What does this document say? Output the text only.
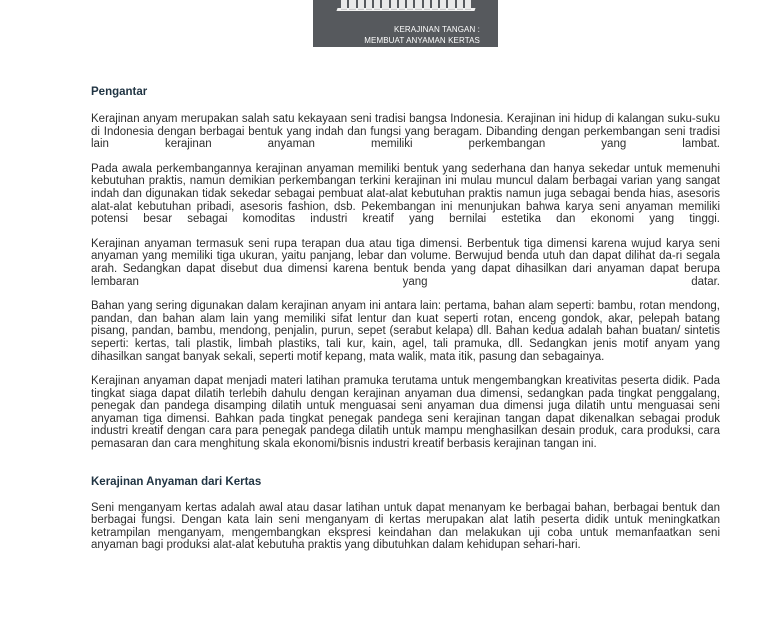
KERAJINAN TANGAN :
MEMBUAT ANYAMAN KERTAS
Pengantar

Kerajinan anyam merupakan salah satu kekayaan seni tradisi bangsa Indonesia. Kerajinan ini hidup di kalangan suku-suku di Indonesia dengan berbagai bentuk yang indah dan fungsi yang beragam. Dibanding dengan perkembangan seni tradisi lain kerajinan anyaman memiliki perkembangan yang lambat.

Pada awala perkembangannya kerajinan anyaman memiliki bentuk yang sederhana dan hanya sekedar untuk memenuhi kebutuhan praktis, namun demikian perkembangan terkini kerajinan ini mulau muncul dalam berbagai varian yang sangat indah dan digunakan tidak sekedar sebagai pembuat alat-alat kebutuhan praktis namun juga sebagai benda hias, asesoris alat-alat kebutuhan pribadi, asesoris fashion, dsb. Pekembangan ini menunjukan bahwa karya seni anyaman memiliki potensi besar sebagai komoditas industri kreatif yang bernilai estetika dan ekonomi yang tinggi.

Kerajinan anyaman termasuk seni rupa terapan dua atau tiga dimensi. Berbentuk tiga dimensi karena wujud karya seni anyaman yang memiliki tiga ukuran, yaitu panjang, lebar dan volume. Berwujud benda utuh dan dapat dilihat da-ri segala arah. Sedangkan dapat disebut dua dimensi karena bentuk benda yang dapat dihasilkan dari anyaman dapat berupa lembaran yang datar.

Bahan yang sering digunakan dalam kerajinan anyam ini antara lain: pertama, bahan alam seperti: bambu, rotan mendong, pandan, dan bahan alam lain yang memiliki sifat lentur dan kuat seperti rotan, enceng gondok, akar, pelepah batang pisang, pandan, bambu, mendong, penjalin, purun, sepet (serabut kelapa) dll. Bahan kedua adalah bahan buatan/ sintetis seperti: kertas, tali plastik, limbah plastiks, tali kur, kain, agel, tali pramuka, dll. Sedangkan jenis motif anyam yang dihasilkan sangat banyak sekali, seperti motif kepang, mata walik, mata itik, pasung dan sebagainya.

Kerajinan anyaman dapat menjadi materi latihan pramuka terutama untuk mengembangkan kreativitas peserta didik. Pada tingkat siaga dapat dilatih terlebih dahulu dengan kerajinan anyaman dua dimensi, sedangkan pada tingkat penggalang, penegak dan pandega disamping dilatih untuk menguasai seni anyaman dua dimensi juga dilatih untu menguasai seni anyaman tiga dimensi. Bahkan pada tingkat penegak pandega seni kerajinan tangan dapat dikenalkan sebagai produk industri kreatif dengan cara para penegak pandega dilatih untuk mampu menghasilkan desain produk, cara produksi, cara pemasaran dan cara menghitung skala ekonomi/bisnis industri kreatif berbasis kerajinan tangan ini.

Kerajinan Anyaman dari Kertas

Seni menganyam kertas adalah awal atau dasar latihan untuk dapat menanyam ke berbagai bahan, berbagai bentuk dan berbagai fungsi. Dengan kata lain seni menganyam di kertas merupakan alat latih peserta didik untuk meningkatkan ketrampilan menganyam, mengembangkan ekspresi keindahan dan melakukan uji coba untuk memanfaatkan seni anyaman bagi produksi alat-alat kebutuha praktis yang dibutuhkan dalam kehidupan sehari-hari.
